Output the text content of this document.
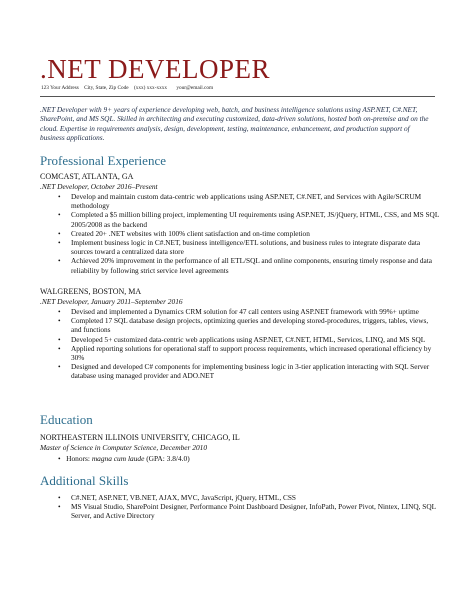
.NET DEVELOPER
123 Your Address City, State, Zip Code (xxx) xxx-xxxx your@email.com
.NET Developer with 9+ years of experience developing web, batch, and business intelligence solutions using ASP.NET, C#.NET, SharePoint, and MS SQL. Skilled in architecting and executing customized, data-driven solutions, hosted both on-premise and on the cloud. Expertise in requirements analysis, design, development, testing, maintenance, enhancement, and production support of business applications.
Professional Experience
COMCAST, ATLANTA, GA
.NET Developer, October 2016–Present
• Develop and maintain custom data-centric web applications using ASP.NET, C#.NET, and Services with Agile/SCRUM methodology
• Completed a $5 million billing project, implementing UI requirements using ASP.NET, JS/jQuery, HTML, CSS, and MS SQL 2005/2008 as the backend
• Created 20+ .NET websites with 100% client satisfaction and on-time completion
• Implement business logic in C#.NET, business intelligence/ETL solutions, and business rules to integrate disparate data sources toward a centralized data store
• Achieved 20% improvement in the performance of all ETL/SQL and online components, ensuring timely response and data reliability by following strict service level agreements
WALGREENS, BOSTON, MA
.NET Developer, January 2011–September 2016
• Devised and implemented a Dynamics CRM solution for 47 call centers using ASP.NET framework with 99%+ uptime
• Completed 17 SQL database design projects, optimizing queries and developing stored-procedures, triggers, tables, views, and functions
• Developed 5+ customized data-centric web applications using ASP.NET, C#.NET, HTML, Services, LINQ, and MS SQL
• Applied reporting solutions for operational staff to support process requirements, which increased operational efficiency by 30%
• Designed and developed C# components for implementing business logic in 3-tier application interacting with SQL Server database using managed provider and ADO.NET
Education
NORTHEASTERN ILLINOIS UNIVERSITY, CHICAGO, IL
Master of Science in Computer Science, December 2010
• Honors: magna cum laude (GPA: 3.8/4.0)
Additional Skills
• C#.NET, ASP.NET, VB.NET, AJAX, MVC, JavaScript, jQuery, HTML, CSS
• MS Visual Studio, SharePoint Designer, Performance Point Dashboard Designer, InfoPath, Power Pivot, Nintex, LINQ, SQL Server, and Active Directory
